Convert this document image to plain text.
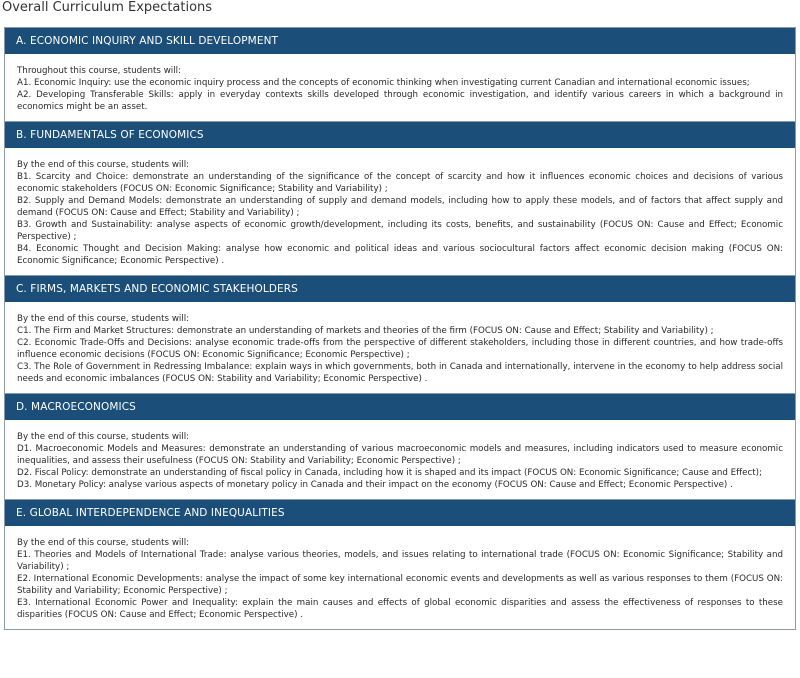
Overall Curriculum Expectations
A. ECONOMIC INQUIRY AND SKILL DEVELOPMENT
Throughout this course, students will:
A1. Economic Inquiry: use the economic inquiry process and the concepts of economic thinking when investigating current Canadian and international economic issues;
A2. Developing Transferable Skills: apply in everyday contexts skills developed through economic investigation, and identify various careers in which a background in economics might be an asset.
B. FUNDAMENTALS OF ECONOMICS
By the end of this course, students will:
B1. Scarcity and Choice: demonstrate an understanding of the significance of the concept of scarcity and how it influences economic choices and decisions of various economic stakeholders (FOCUS ON: Economic Significance; Stability and Variability) ;
B2. Supply and Demand Models: demonstrate an understanding of supply and demand models, including how to apply these models, and of factors that affect supply and demand (FOCUS ON: Cause and Effect; Stability and Variability) ;
B3. Growth and Sustainability: analyse aspects of economic growth/development, including its costs, benefits, and sustainability (FOCUS ON: Cause and Effect; Economic Perspective) ;
B4. Economic Thought and Decision Making: analyse how economic and political ideas and various sociocultural factors affect economic decision making (FOCUS ON: Economic Significance; Economic Perspective) .
C. FIRMS, MARKETS AND ECONOMIC STAKEHOLDERS
By the end of this course, students will:
C1. The Firm and Market Structures: demonstrate an understanding of markets and theories of the firm (FOCUS ON: Cause and Effect; Stability and Variability) ;
C2. Economic Trade-Offs and Decisions: analyse economic trade-offs from the perspective of different stakeholders, including those in different countries, and how trade-offs influence economic decisions (FOCUS ON: Economic Significance; Economic Perspective) ;
C3. The Role of Government in Redressing Imbalance: explain ways in which governments, both in Canada and internationally, intervene in the economy to help address social needs and economic imbalances (FOCUS ON: Stability and Variability; Economic Perspective) .
D. MACROECONOMICS
By the end of this course, students will:
D1. Macroeconomic Models and Measures: demonstrate an understanding of various macroeconomic models and measures, including indicators used to measure economic inequalities, and assess their usefulness (FOCUS ON: Stability and Variability; Economic Perspective) ;
D2. Fiscal Policy: demonstrate an understanding of fiscal policy in Canada, including how it is shaped and its impact (FOCUS ON: Economic Significance; Cause and Effect);
D3. Monetary Policy: analyse various aspects of monetary policy in Canada and their impact on the economy (FOCUS ON: Cause and Effect; Economic Perspective) .
E. GLOBAL INTERDEPENDENCE AND INEQUALITIES
By the end of this course, students will:
E1. Theories and Models of International Trade: analyse various theories, models, and issues relating to international trade (FOCUS ON: Economic Significance; Stability and Variability) ;
E2. International Economic Developments: analyse the impact of some key international economic events and developments as well as various responses to them (FOCUS ON: Stability and Variability; Economic Perspective) ;
E3. International Economic Power and Inequality: explain the main causes and effects of global economic disparities and assess the effectiveness of responses to these disparities (FOCUS ON: Cause and Effect; Economic Perspective) .
